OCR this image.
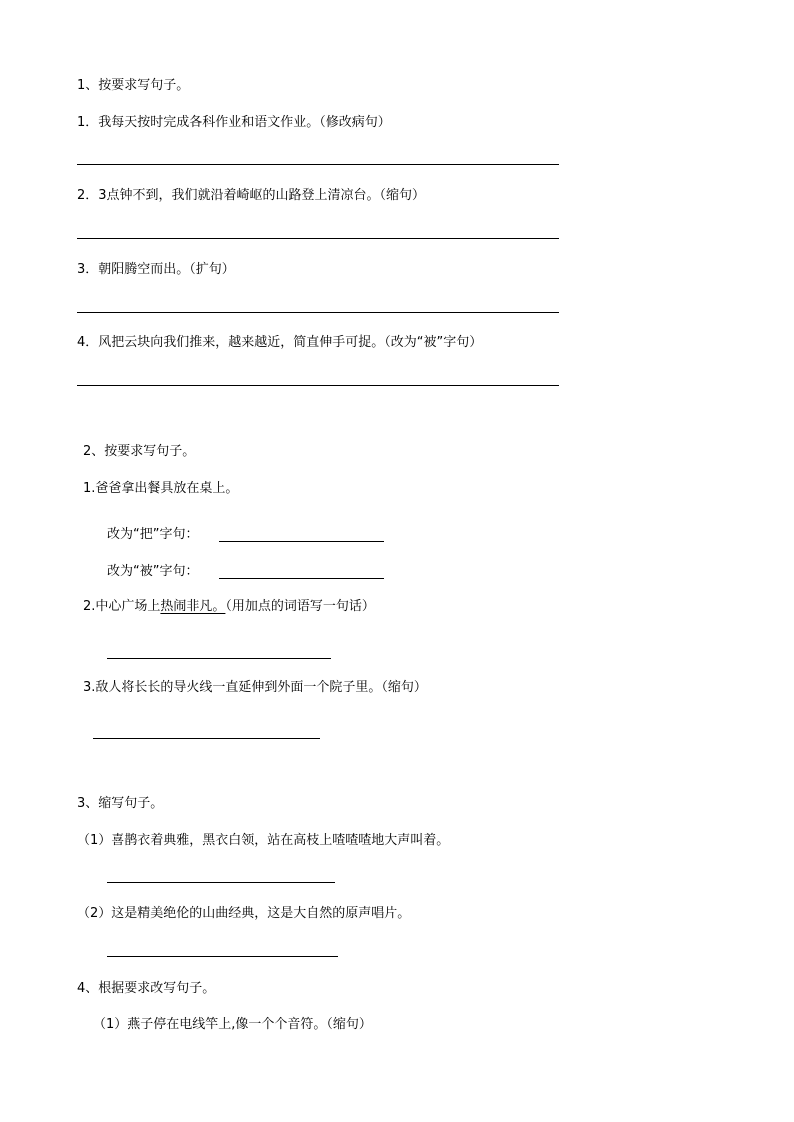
1、按要求写句子。
1．我每天按时完成各科作业和语文作业。（修改病句）
2．3点钟不到，我们就沿着崎岖的山路登上清凉台。（缩句）
3．朝阳腾空而出。（扩句）
4．风把云块向我们推来，越来越近，简直伸手可捉。（改为“被”字句）
2、按要求写句子。
1.爸爸拿出餐具放在桌上。
改为“把”字句：
改为“被”字句：
2.中心广场上热闹非凡。（用加点的词语写一句话）
3.敌人将长长的导火线一直延伸到外面一个院子里。（缩句）
3、缩写句子。
（1）喜鹊衣着典雅，黑衣白领，站在高枝上喳喳喳地大声叫着。
（2）这是精美绝伦的山曲经典，这是大自然的原声唱片。
4、根据要求改写句子。
（1）燕子停在电线竿上,像一个个音符。（缩句）
